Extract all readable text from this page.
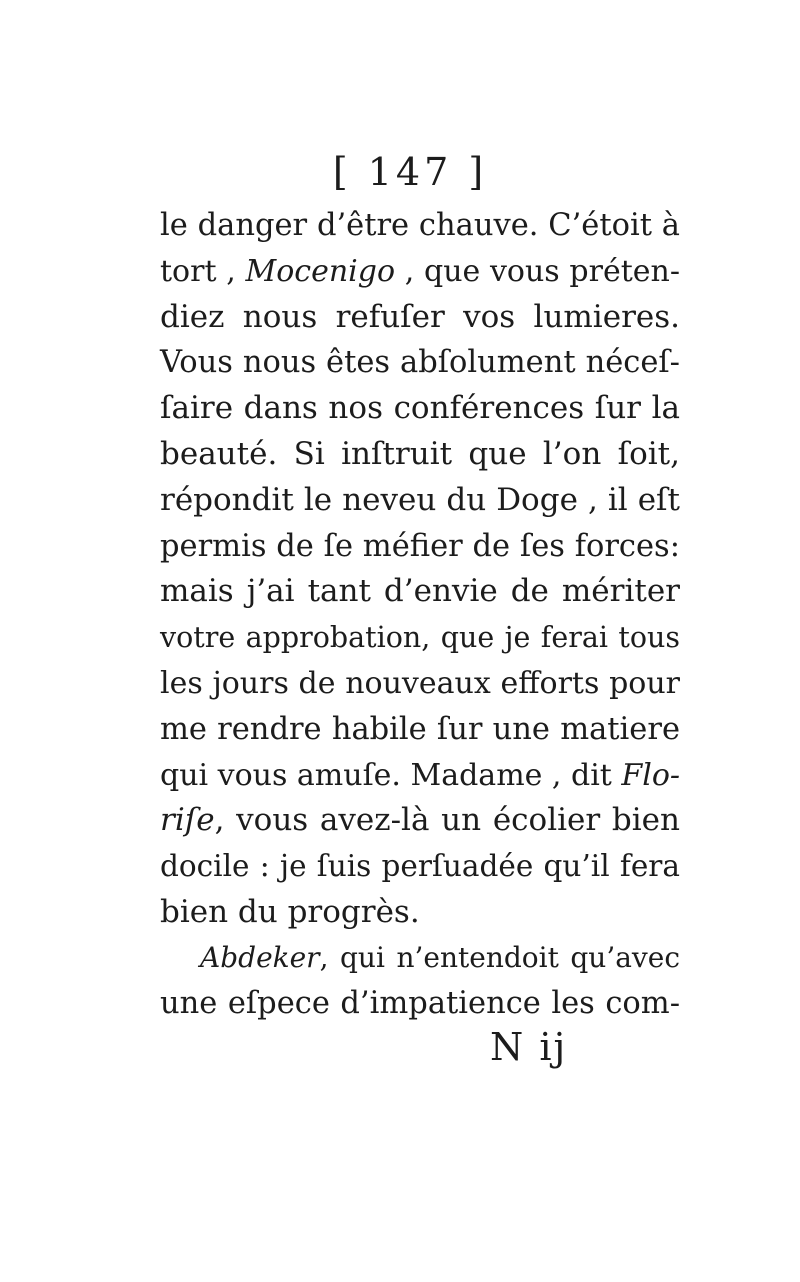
[ 147 ]
le danger d’être chauve. C’étoit à
tort , Mocenigo , que vous préten-
diez nous refuſer vos lumieres.
Vous nous êtes abſolument néceſ-
ſaire dans nos conférences ſur la
beauté. Si inſtruit que l’on ſoit,
répondit le neveu du Doge , il eſt
permis de ſe méfier de ſes forces:
mais j’ai tant d’envie de mériter
votre approbation, que je ferai tous
les jours de nouveaux efforts pour
me rendre habile ſur une matiere
qui vous amuſe. Madame , dit Flo-
riſe, vous avez-là un écolier bien
docile : je ſuis perſuadée qu’il fera
bien du progrès.
Abdeker, qui n’entendoit qu’avec
une eſpece d’impatience les com-
N ij
